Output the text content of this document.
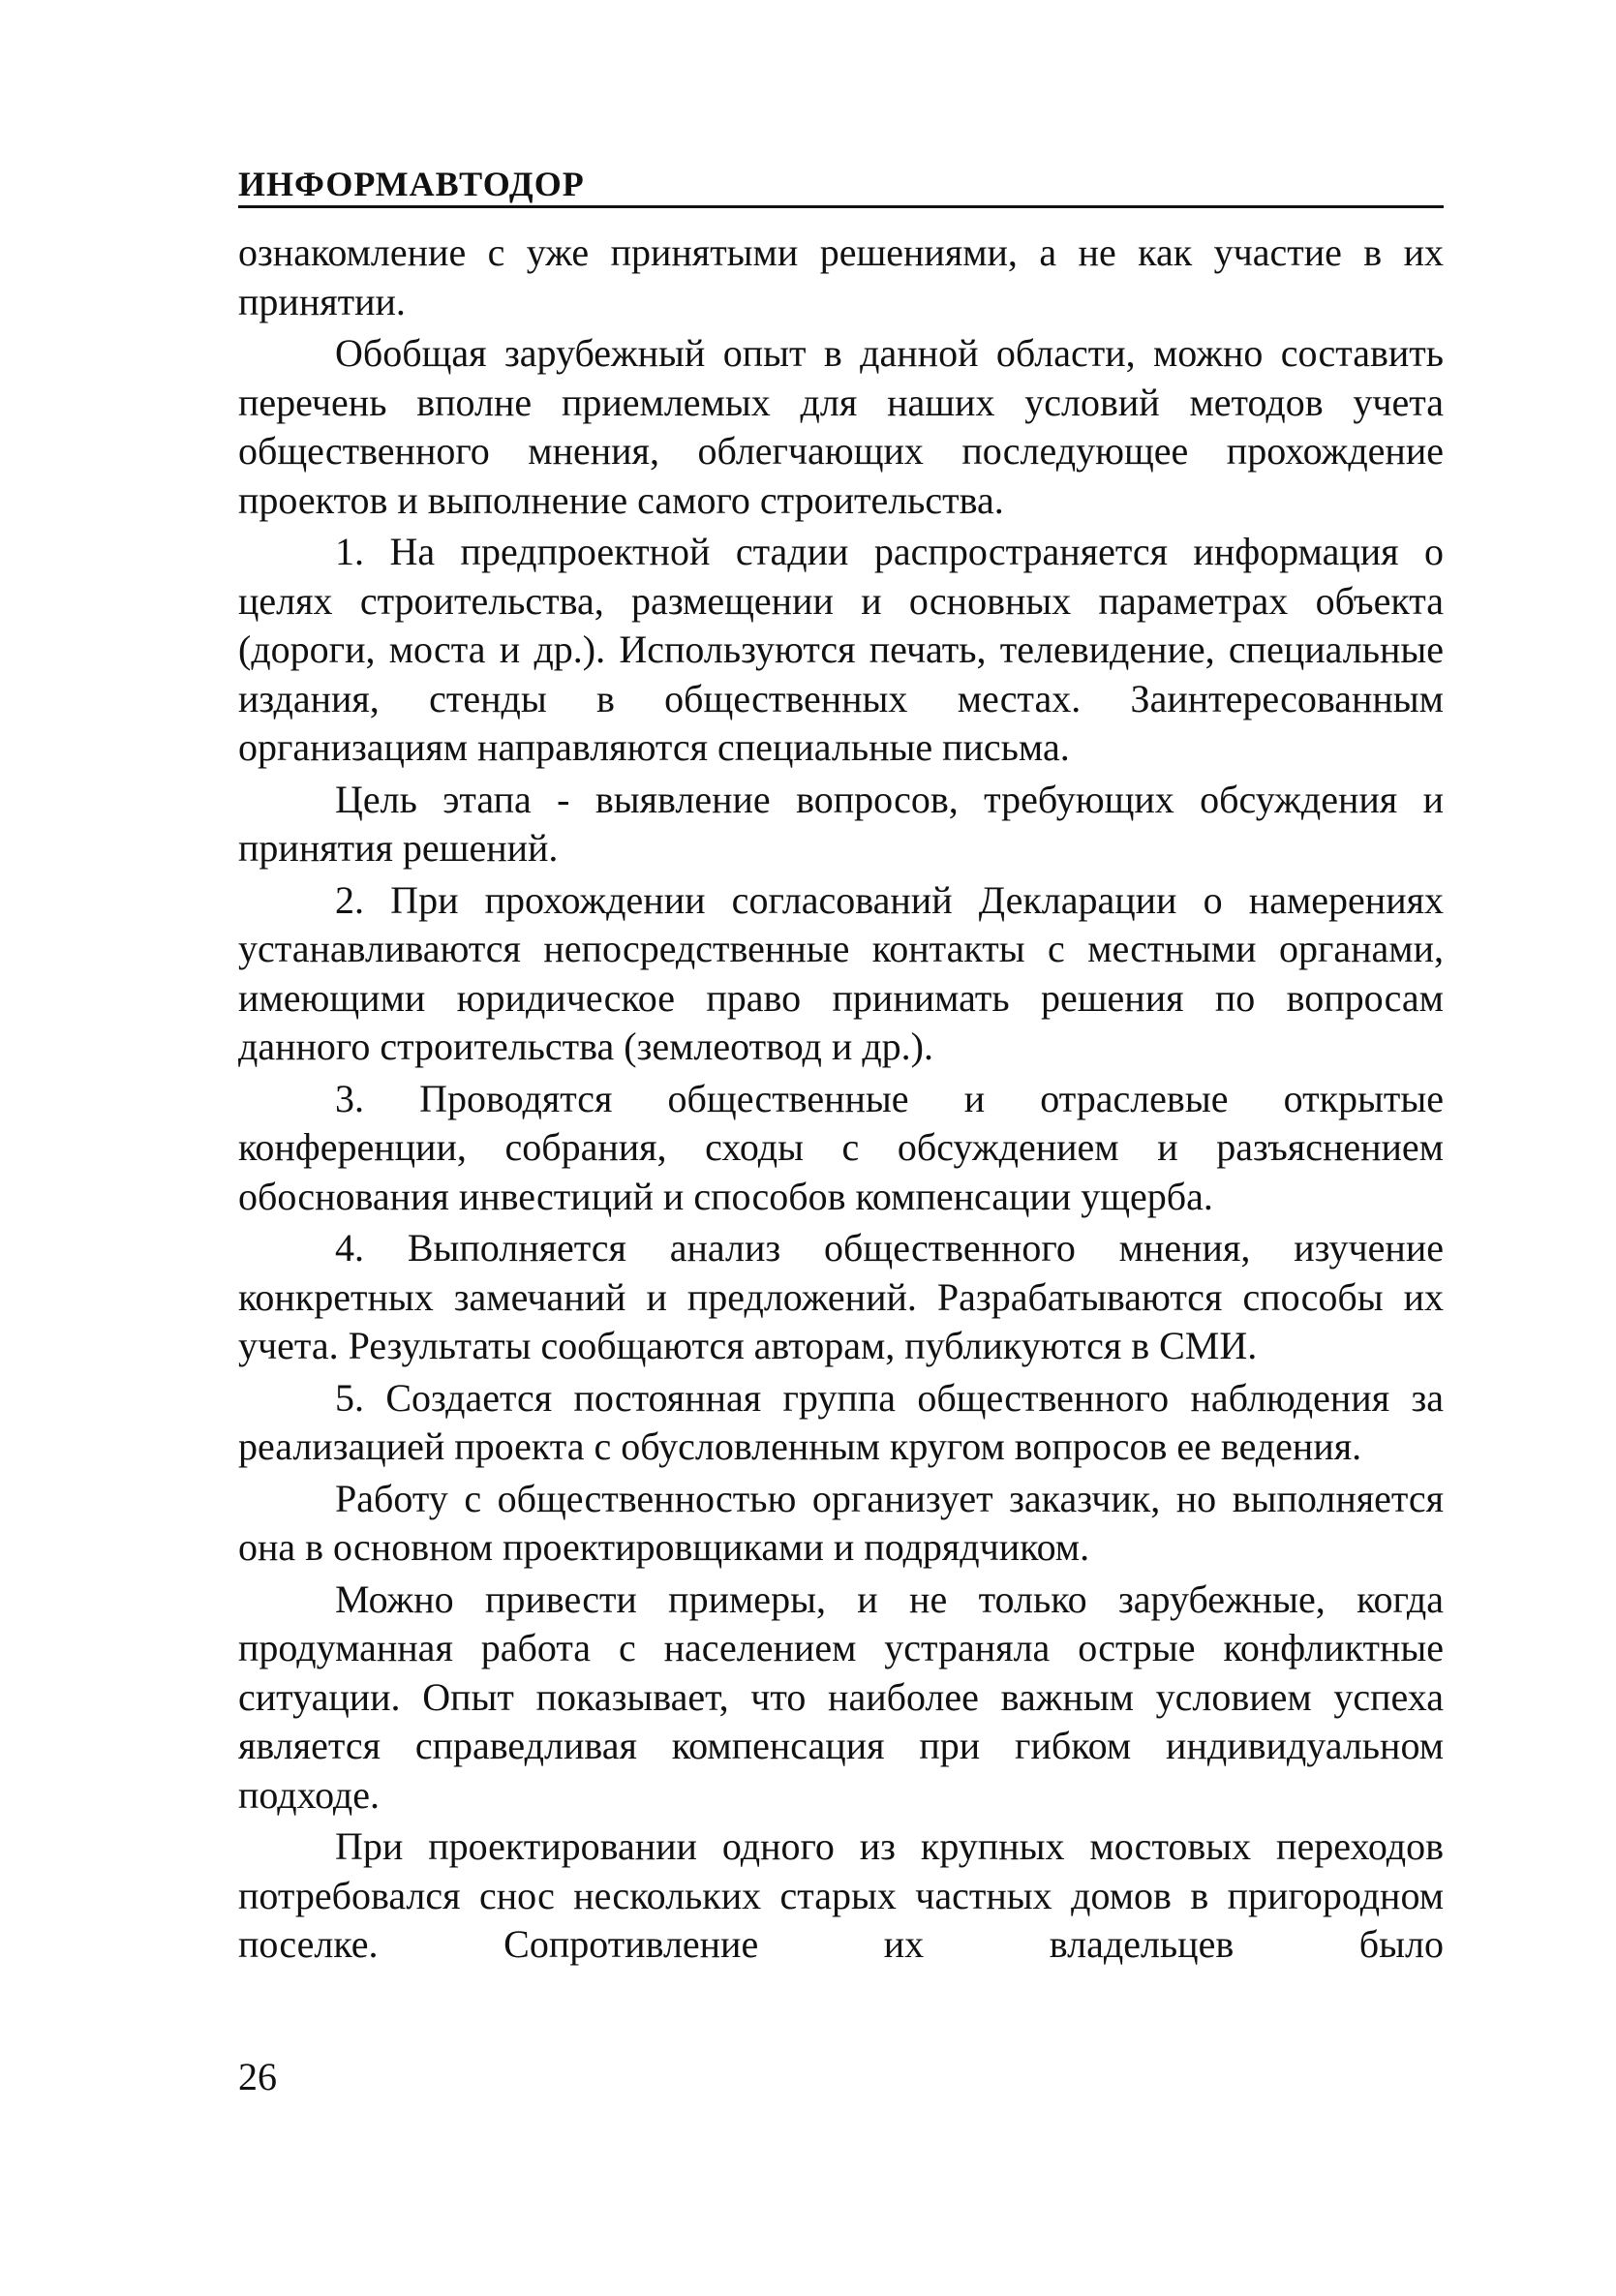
ИНФОРМАВТОДОР

ознакомление с уже принятыми решениями, а не как участие в их принятии.

Обобщая зарубежный опыт в данной области, можно составить перечень вполне приемлемых для наших условий методов учета общественного мнения, облегчающих последующее прохождение проектов и выполнение самого строительства.

1. На предпроектной стадии распространяется информация о целях строительства, размещении и основных параметрах объекта (дороги, моста и др.). Используются печать, телевидение, специальные издания, стенды в общественных местах. Заинтересованным организациям направляются специальные письма.

Цель этапа - выявление вопросов, требующих обсуждения и принятия решений.

2. При прохождении согласований Декларации о намерениях устанавливаются непосредственные контакты с местными органами, имеющими юридическое право принимать решения по вопросам данного строительства (землеотвод и др.).

3. Проводятся общественные и отраслевые открытые конференции, собрания, сходы с обсуждением и разъяснением обоснования инвестиций и способов компенсации ущерба.

4. Выполняется анализ общественного мнения, изучение конкретных замечаний и предложений. Разрабатываются способы их учета. Результаты сообщаются авторам, публикуются в СМИ.

5. Создается постоянная группа общественного наблюдения за реализацией проекта с обусловленным кругом вопросов ее ведения.

Работу с общественностью организует заказчик, но выполняется она в основном проектировщиками и подрядчиком.

Можно привести примеры, и не только зарубежные, когда продуманная работа с населением устраняла острые конфликтные ситуации. Опыт показывает, что наиболее важным условием успеха является справедливая компенсация при гибком индивидуальном подходе.

При проектировании одного из крупных мостовых переходов потребовался снос нескольких старых частных домов в пригородном поселке. Сопротивление их владельцев было

26
